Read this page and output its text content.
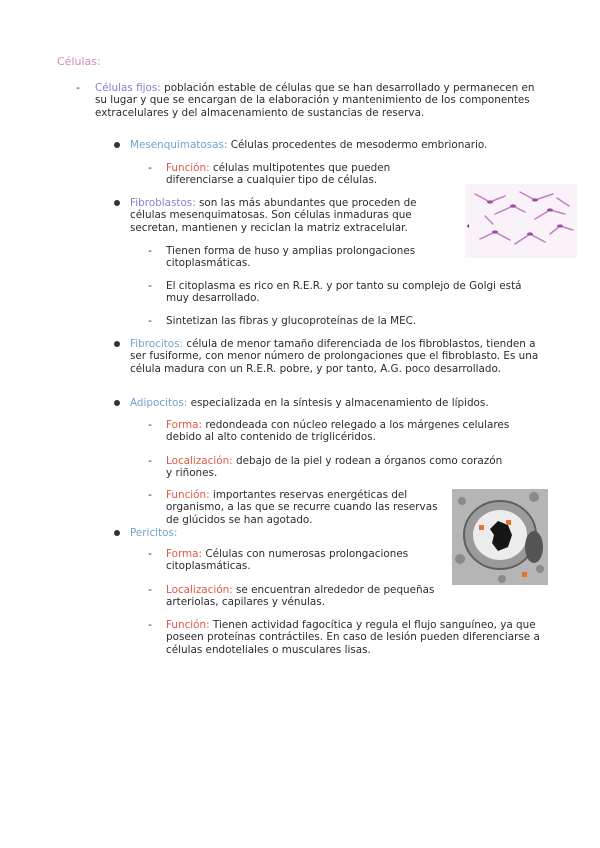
Células:
-	Células fijos: población estable de células que se han desarrollado y permanecen en su lugar y que se encargan de la elaboración y mantenimiento de los componentes extracelulares y del almacenamiento de sustancias de reserva.
Mesenquimatosas: Células procedentes de mesodermo embrionario.
-	Función: células multipotentes que pueden diferenciarse a cualquier tipo de células.
Fibroblastos: son las más abundantes que proceden de células mesenquimatosas. Son células inmaduras que secretan, mantienen y reciclan la matriz extracelular.
-	Tienen forma de huso y amplias prolongaciones citoplasmáticas.
-	El citoplasma es rico en R.E.R. y por tanto su complejo de Golgi está muy desarrollado.
-	Sintetizan las fibras y glucoproteínas de la MEC.
Fibrocitos: célula de menor tamaño diferenciada de los fibroblastos, tienden a ser fusiforme, con menor número de prolongaciones que el fibroblasto. Es una célula madura con un R.E.R. pobre, y por tanto, A.G. poco desarrollado.
Adipocitos: especializada en la síntesis y almacenamiento de lípidos.
-	Forma: redondeada con núcleo relegado a los márgenes celulares debido al alto contenido de triglicéridos.
-	Localización: debajo de la piel y rodean a órganos como corazón y riñones.
-	Función: importantes reservas energéticas del organismo, a las que se recurre cuando las reservas de glúcidos se han agotado.
Pericitos:
-	Forma: Células con numerosas prolongaciones citoplasmáticas.
-	Localización: se encuentran alrededor de pequeñas arteriolas, capilares y vénulas.
-	Función: Tienen actividad fagocítica y regula el flujo sanguíneo, ya que poseen proteínas contráctiles. En caso de lesión pueden diferenciarse a células endoteliales o musculares lisas.
